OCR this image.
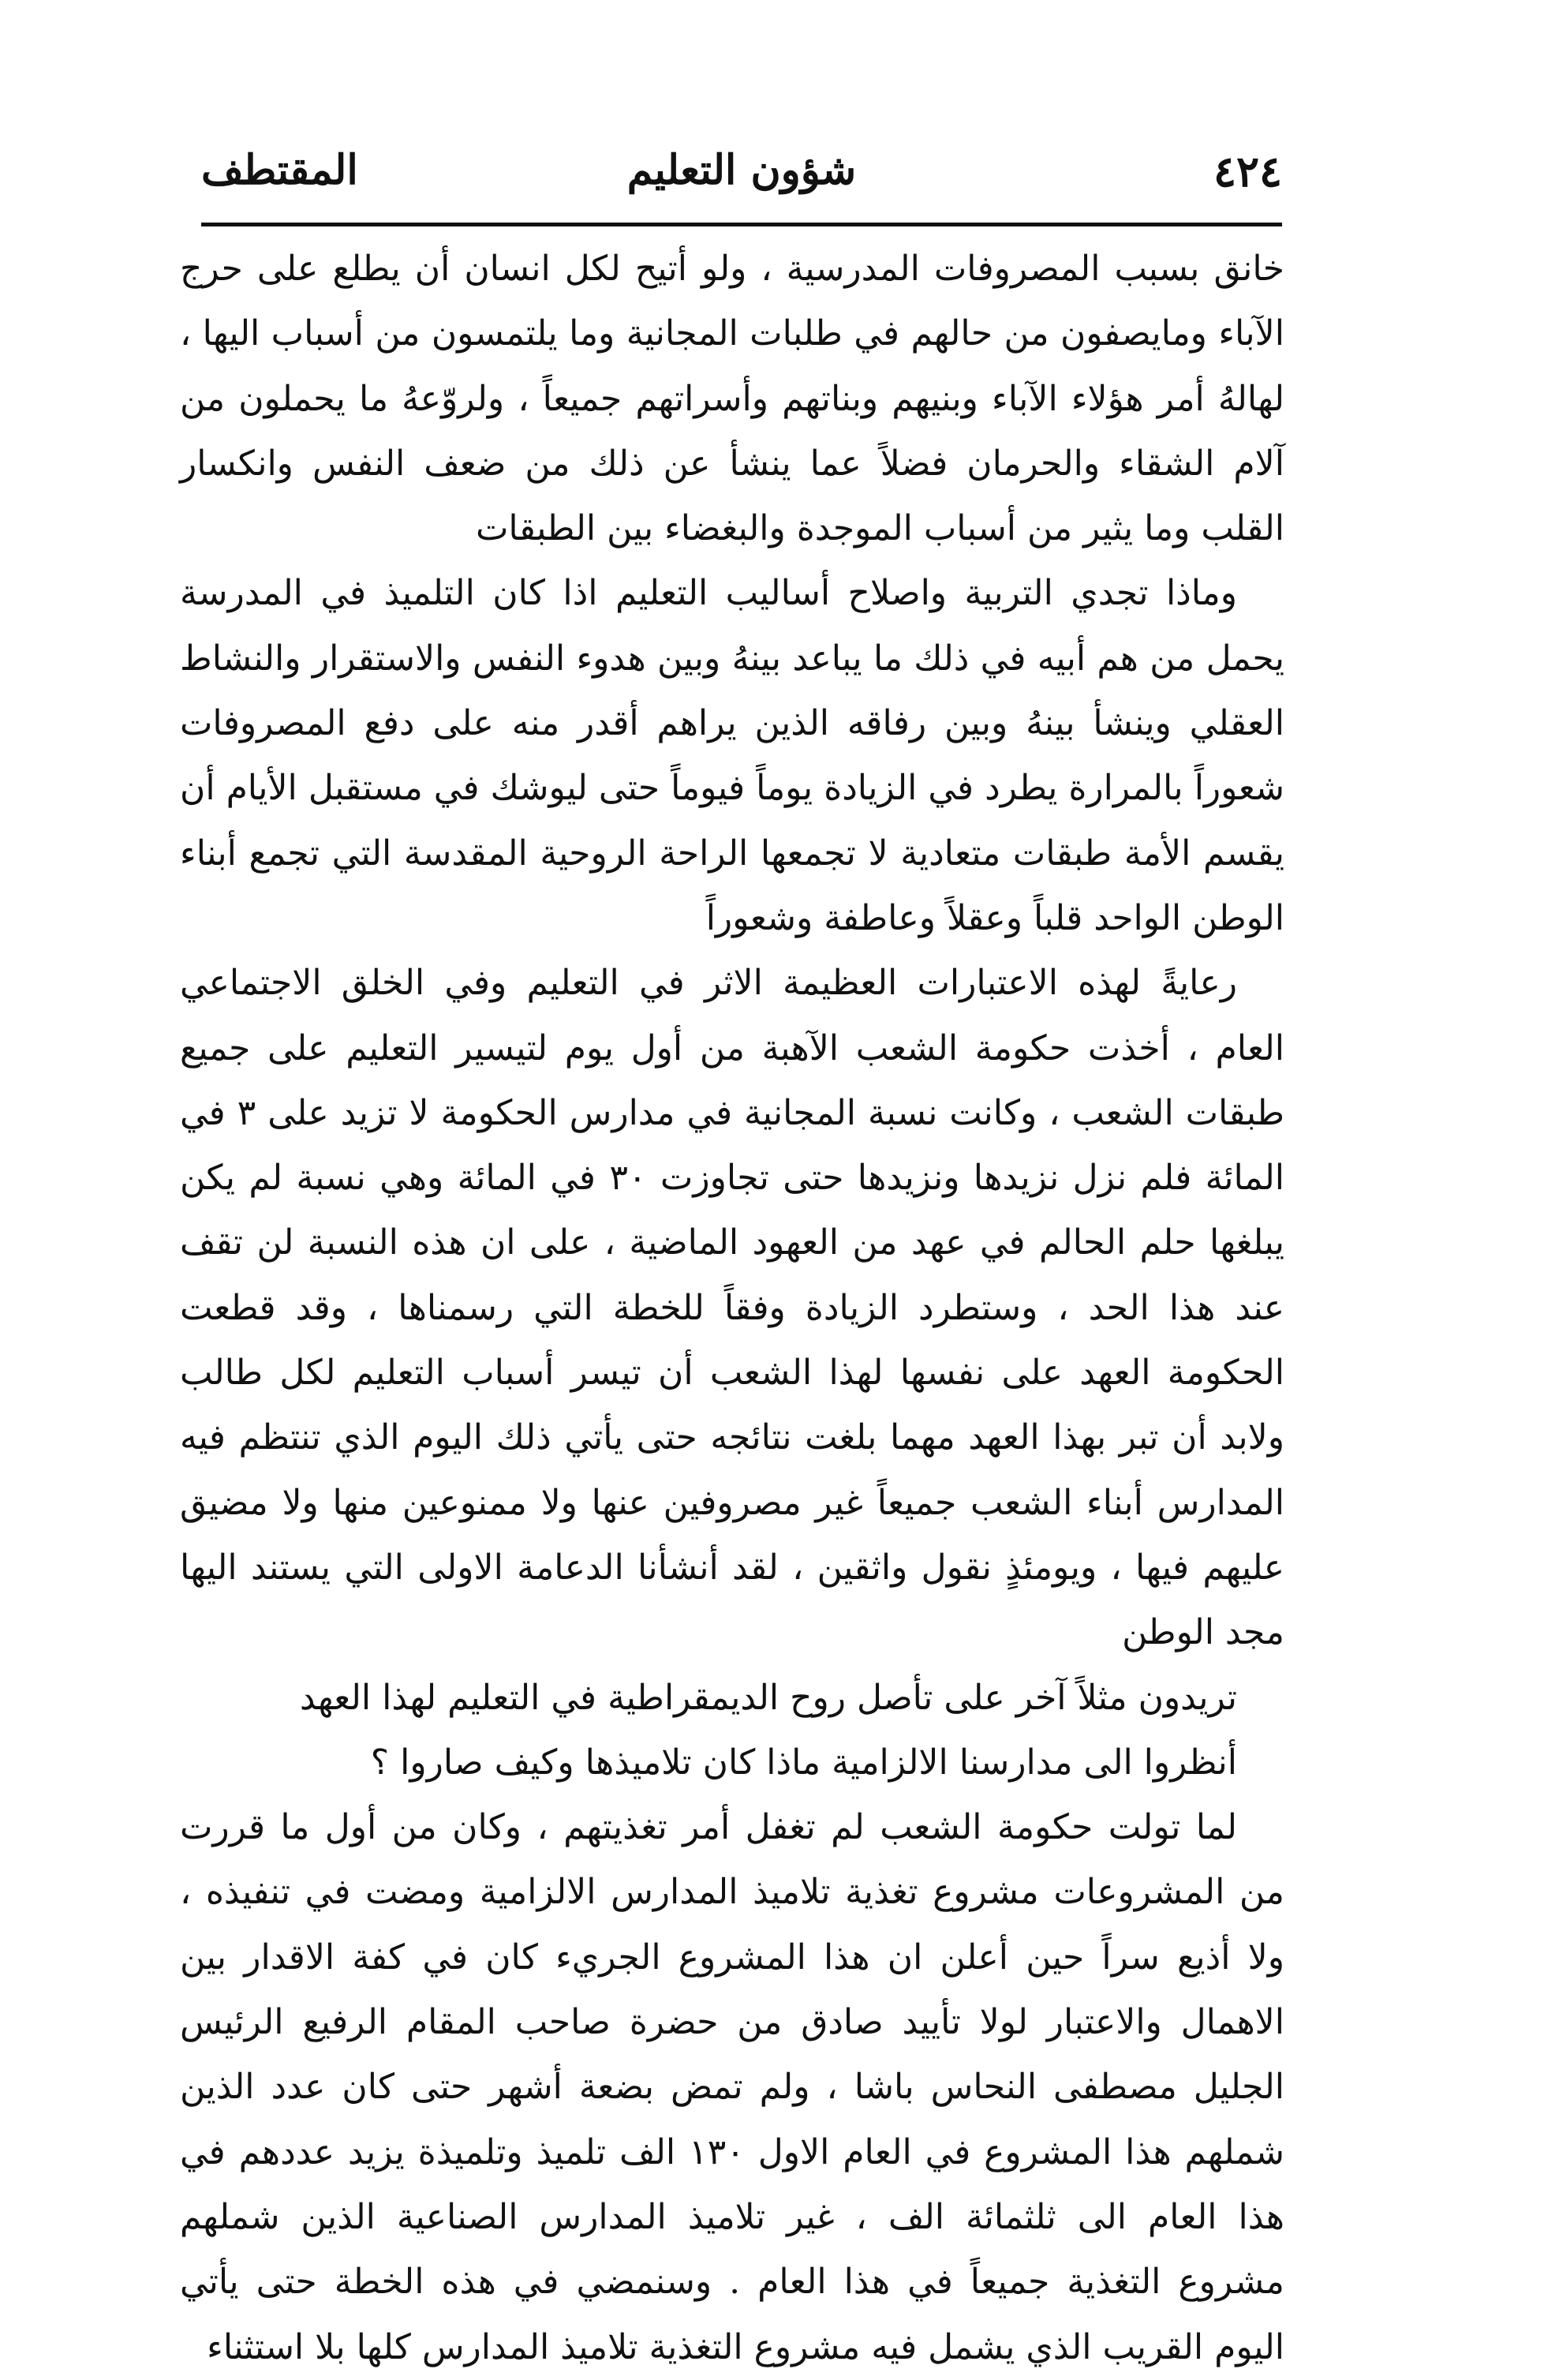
٤٢٤
شؤون التعليم
المقتطف

خانق بسبب المصروفات المدرسية ، ولو أتيح لكل انسان أن يطلع على حرج الآباء ومايصفون من حالهم في طلبات المجانية وما يلتمسون من أسباب اليها ، لهالهُ أمر هؤلاء الآباء وبنيهم وبناتهم وأسراتهم جميعاً ، ولروّعهُ ما يحملون من آلام الشقاء والحرمان فضلاً عما ينشأ عن ذلك من ضعف النفس وانكسار القلب وما يثير من أسباب الموجدة والبغضاء بين الطبقات

وماذا تجدي التربية واصلاح أساليب التعليم اذا كان التلميذ في المدرسة يحمل من هم أبيه في ذلك ما يباعد بينهُ وبين هدوء النفس والاستقرار والنشاط العقلي وينشأ بينهُ وبين رفاقه الذين يراهم أقدر منه على دفع المصروفات شعوراً بالمرارة يطرد في الزيادة يوماً فيوماً حتى ليوشك في مستقبل الأيام أن يقسم الأمة طبقات متعادية لا تجمعها الراحة الروحية المقدسة التي تجمع أبناء الوطن الواحد قلباً وعقلاً وعاطفة وشعوراً

رعايةً لهذه الاعتبارات العظيمة الاثر في التعليم وفي الخلق الاجتماعي العام ، أخذت حكومة الشعب الآهبة من أول يوم لتيسير التعليم على جميع طبقات الشعب ، وكانت نسبة المجانية في مدارس الحكومة لا تزيد على ٣ في المائة فلم نزل نزيدها ونزيدها حتى تجاوزت ٣٠ في المائة وهي نسبة لم يكن يبلغها حلم الحالم في عهد من العهود الماضية ، على ان هذه النسبة لن تقف عند هذا الحد ، وستطرد الزيادة وفقاً للخطة التي رسمناها ، وقد قطعت الحكومة العهد على نفسها لهذا الشعب أن تيسر أسباب التعليم لكل طالب ولابد أن تبر بهذا العهد مهما بلغت نتائجه حتى يأتي ذلك اليوم الذي تنتظم فيه المدارس أبناء الشعب جميعاً غير مصروفين عنها ولا ممنوعين منها ولا مضيق عليهم فيها ، ويومئذٍ نقول واثقين ، لقد أنشأنا الدعامة الاولى التي يستند اليها مجد الوطن

تريدون مثلاً آخر على تأصل روح الديمقراطية في التعليم لهذا العهد

أنظروا الى مدارسنا الالزامية ماذا كان تلاميذها وكيف صاروا ؟

لما تولت حكومة الشعب لم تغفل أمر تغذيتهم ، وكان من أول ما قررت من المشروعات مشروع تغذية تلاميذ المدارس الالزامية ومضت في تنفيذه ، ولا أذيع سراً حين أعلن ان هذا المشروع الجريء كان في كفة الاقدار بين الاهمال والاعتبار لولا تأييد صادق من حضرة صاحب المقام الرفيع الرئيس الجليل مصطفى النحاس باشا ، ولم تمض بضعة أشهر حتى كان عدد الذين شملهم هذا المشروع في العام الاول ١٣٠ الف تلميذ وتلميذة يزيد عددهم في هذا العام الى ثلثمائة الف ، غير تلاميذ المدارس الصناعية الذين شملهم مشروع التغذية جميعاً في هذا العام . وسنمضي في هذه الخطة حتى يأتي اليوم القريب الذي يشمل فيه مشروع التغذية تلاميذ المدارس كلها بلا استثناء
